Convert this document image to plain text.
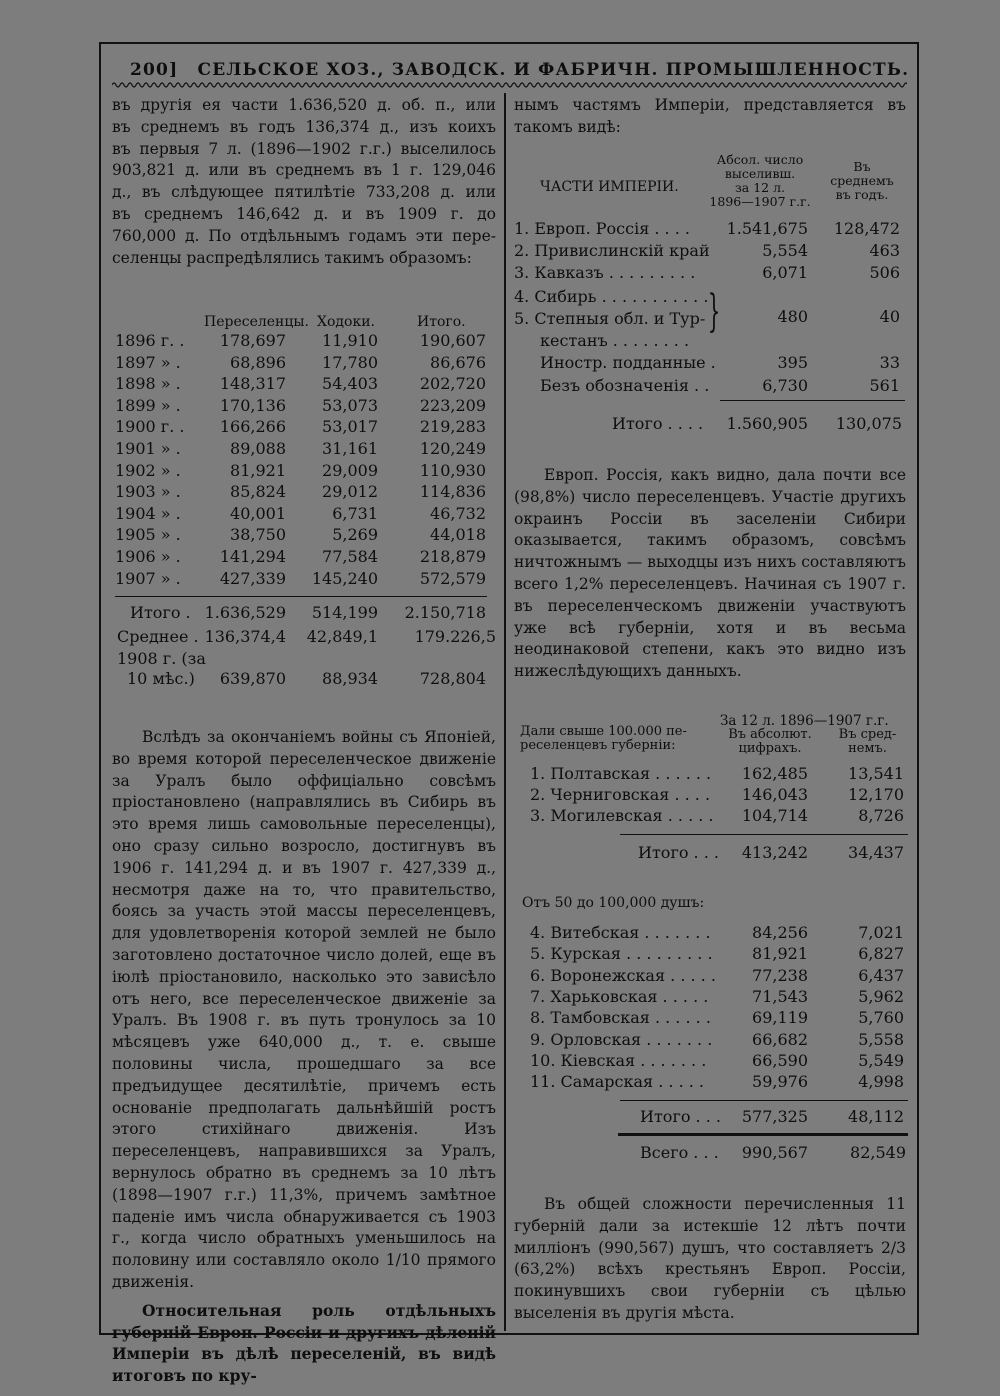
200] СЕЛЬСКОЕ ХОЗ., ЗАВОДСК. И ФАБРИЧН. ПРОМЫШЛЕННОСТЬ.
въ другія ея части 1.636,520 д. об. п., или
въ среднемъ въ годъ 136,374 д., изъ коихъ
въ первыя 7 л. (1896—1902 г.г.) выселилось
903,821 д. или въ среднемъ въ 1 г. 129,046
д., въ слѣдующее пятилѣтіе 733,208 д. или
въ среднемъ 146,642 д. и въ 1909 г. до
760,000 д. По отдѣльнымъ годамъ эти пере-
селенцы распредѣлялись такимъ образомъ:
Переселенцы. Ходоки.	Итого.
1896 г. .	178,697	11,910	190,607
1897 » .	68,896	17,780	86,676
1898 » .	148,317	54,403	202,720
1899 » .	170,136	53,073	223,209
1900 г. .	166,266	53,017	219,283
1901 » .	89,088	31,161	120,249
1902 » .	81,921	29,009	110,930
1903 » .	85,824	29,012	114,836
1904 » .	40,001	6,731	46,732
1905 » .	38,750	5,269	44,018
1906 » .	141,294	77,584	218,879
1907 » .	427,339	145,240	572,579
Итого . 1.636,529	514,199	2.150,718
Среднее . 136,374,4	42,849,1	179.226,5
1908 г. (за
10 мѣс.)	639,870	88,934	728,804

Вслѣдъ за окончаніемъ войны съ Японіей, во время которой переселенческое движеніе за Уралъ было оффиціально совсѣмъ пріостановлено (направлялись въ Сибирь въ это время лишь самовольные переселенцы), оно сразу сильно возросло, достигнувъ въ 1906 г. 141,294 д. и въ 1907 г. 427,339 д., несмотря даже на то, что правительство, боясь за участь этой массы переселенцевъ, для удовлетворенія которой землей не было заготовлено достаточное число долей, еще въ іюлѣ пріостановило, насколько это зависѣло отъ него, все переселенческое движеніе за Уралъ. Въ 1908 г. въ путь тронулось за 10 мѣсяцевъ уже 640,000 д., т. е. свыше половины числа, прошедшаго за все предъидущее десятилѣтіе, причемъ есть основаніе предполагать дальнѣйшій ростъ этого стихійнаго движенія. Изъ переселенцевъ, направившихся за Уралъ, вернулось обратно въ среднемъ за 10 лѣтъ (1898—1907 г.г.) 11,3%, причемъ замѣтное паденіе имъ числа обнаруживается съ 1903 г., когда число обратныхъ уменьшилось на половину или составляло около 1/10 прямого движенія.

Относительная роль отдѣльныхъ губерній Европ. Россіи и другихъ дѣленій Имперіи въ дѣлѣ переселеній, въ видѣ итоговъ по кру-

нымъ частямъ Имперіи, представляется въ
такомъ видѣ:
ЧАСТИ ИМПЕРІИ.
Абсол. число
выселивш.
за 12 л.
1896—1907 г.г.
Въ
среднемъ
въ годъ.
1. Европ. Россія . . . .	1.541,675	128,472
2. Привислинскій край	5,554	463
3. Кавказъ . . . . . . . . .	6,071	506
4. Сибирь . . . . . . . . . . .
5. Степныя обл. и Тур-
кестанъ . . . . . . . .
}	480	40
Иностр. подданные .	395	33
Безъ обозначенія . .	6,730	561
Итого . . . .	1.560,905	130,075

Европ. Россія, какъ видно, дала почти все (98,8%) число переселенцевъ. Участіе другихъ окраинъ Россіи въ заселеніи Сибири оказывается, такимъ образомъ, совсѣмъ ничтожнымъ — выходцы изъ нихъ составляютъ всего 1,2% переселенцевъ. Начиная съ 1907 г. въ переселенческомъ движеніи участвуютъ уже всѣ губерніи, хотя и въ весьма неодинаковой степени, какъ это видно изъ нижеслѣдующихъ данныхъ.

За 12 л. 1896—1907 г.г.
Дали свыше 100.000 пе-
реселенцевъ губерніи:
Въ абсолют.
цифрахъ.
Въ сред-
немъ.
1. Полтавская . . . . . .	162,485	13,541
2. Черниговская . . . .	146,043	12,170
3. Могилевская . . . . .	104,714	8,726
Итого . . .	413,242	34,437
Отъ 50 до 100,000 душъ:
4. Витебская . . . . . . .	84,256	7,021
5. Курская . . . . . . . . .	81,921	6,827
6. Воронежская . . . . .	77,238	6,437
7. Харьковская . . . . .	71,543	5,962
8. Тамбовская . . . . . .	69,119	5,760
9. Орловская . . . . . . .	66,682	5,558
10. Кіевская . . . . . . .	66,590	5,549
11. Самарская . . . . .	59,976	4,998
Итого . . .	577,325	48,112
Всего . . .	990,567	82,549

Въ общей сложности перечисленныя 11 губерній дали за истекшіе 12 лѣтъ почти милліонъ (990,567) душъ, что составляетъ 2/3 (63,2%) всѣхъ крестьянъ Европ. Россіи, покинувшихъ свои губерніи съ цѣлью выселенія въ другія мѣста.
